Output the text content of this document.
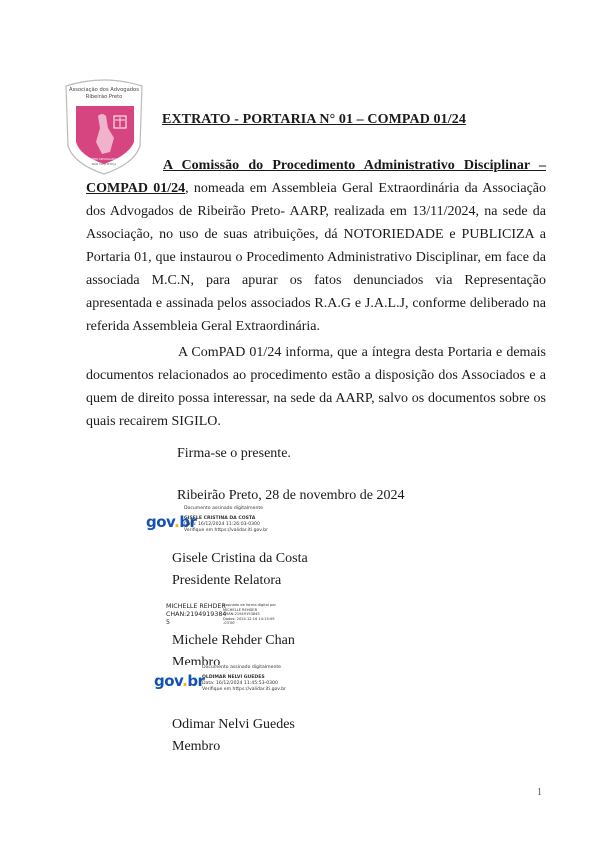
Associação dos Advogados
Ribeirão Preto
SEM ADVOGADO
NÃO HÁ JUSTIÇA
EXTRATO - PORTARIA N° 01 – COMPAD 01/24
A Comissão do Procedimento Administrativo Disciplinar – COMPAD 01/24, nomeada em Assembleia Geral Extraordinária da Associação dos Advogados de Ribeirão Preto- AARP, realizada em 13/11/2024, na sede da Associação, no uso de suas atribuições, dá NOTORIEDADE e PUBLICIZA a Portaria 01, que instaurou o Procedimento Administrativo Disciplinar, em face da associada M.C.N, para apurar os fatos denunciados via Representação apresentada e assinada pelos associados R.A.G e J.A.L.J, conforme deliberado na referida Assembleia Geral Extraordinária.
A ComPAD 01/24 informa, que a íntegra desta Portaria e demais documentos relacionados ao procedimento estão a disposição dos Associados e a quem de direito possa interessar, na sede da AARP, salvo os documentos sobre os quais recairem SIGILO.
Firma-se o presente.
Ribeirão Preto, 28 de novembro de 2024
gov.br
Documento assinado digitalmente
GISELE CRISTINA DA COSTA
Data: 16/12/2024 11:26:03-0300
Verifique em https://validar.iti.gov.br
Gisele Cristina da Costa
Presidente Relatora
MICHELLE REHDER
CHAN:2194919384
5
Assinado de forma digital por
MICHELLE REHDER
CHAN:21949193845
Dados: 2024.12.16 14:15:09
-03'00'
Michele Rehder Chan
Membro
gov.br
Documento assinado digitalmente
OLDIMAR NELVI GUEDES
Data: 16/12/2024 11:45:53-0300
Verifique em https://validar.iti.gov.br
Odimar Nelvi Guedes
Membro
1
